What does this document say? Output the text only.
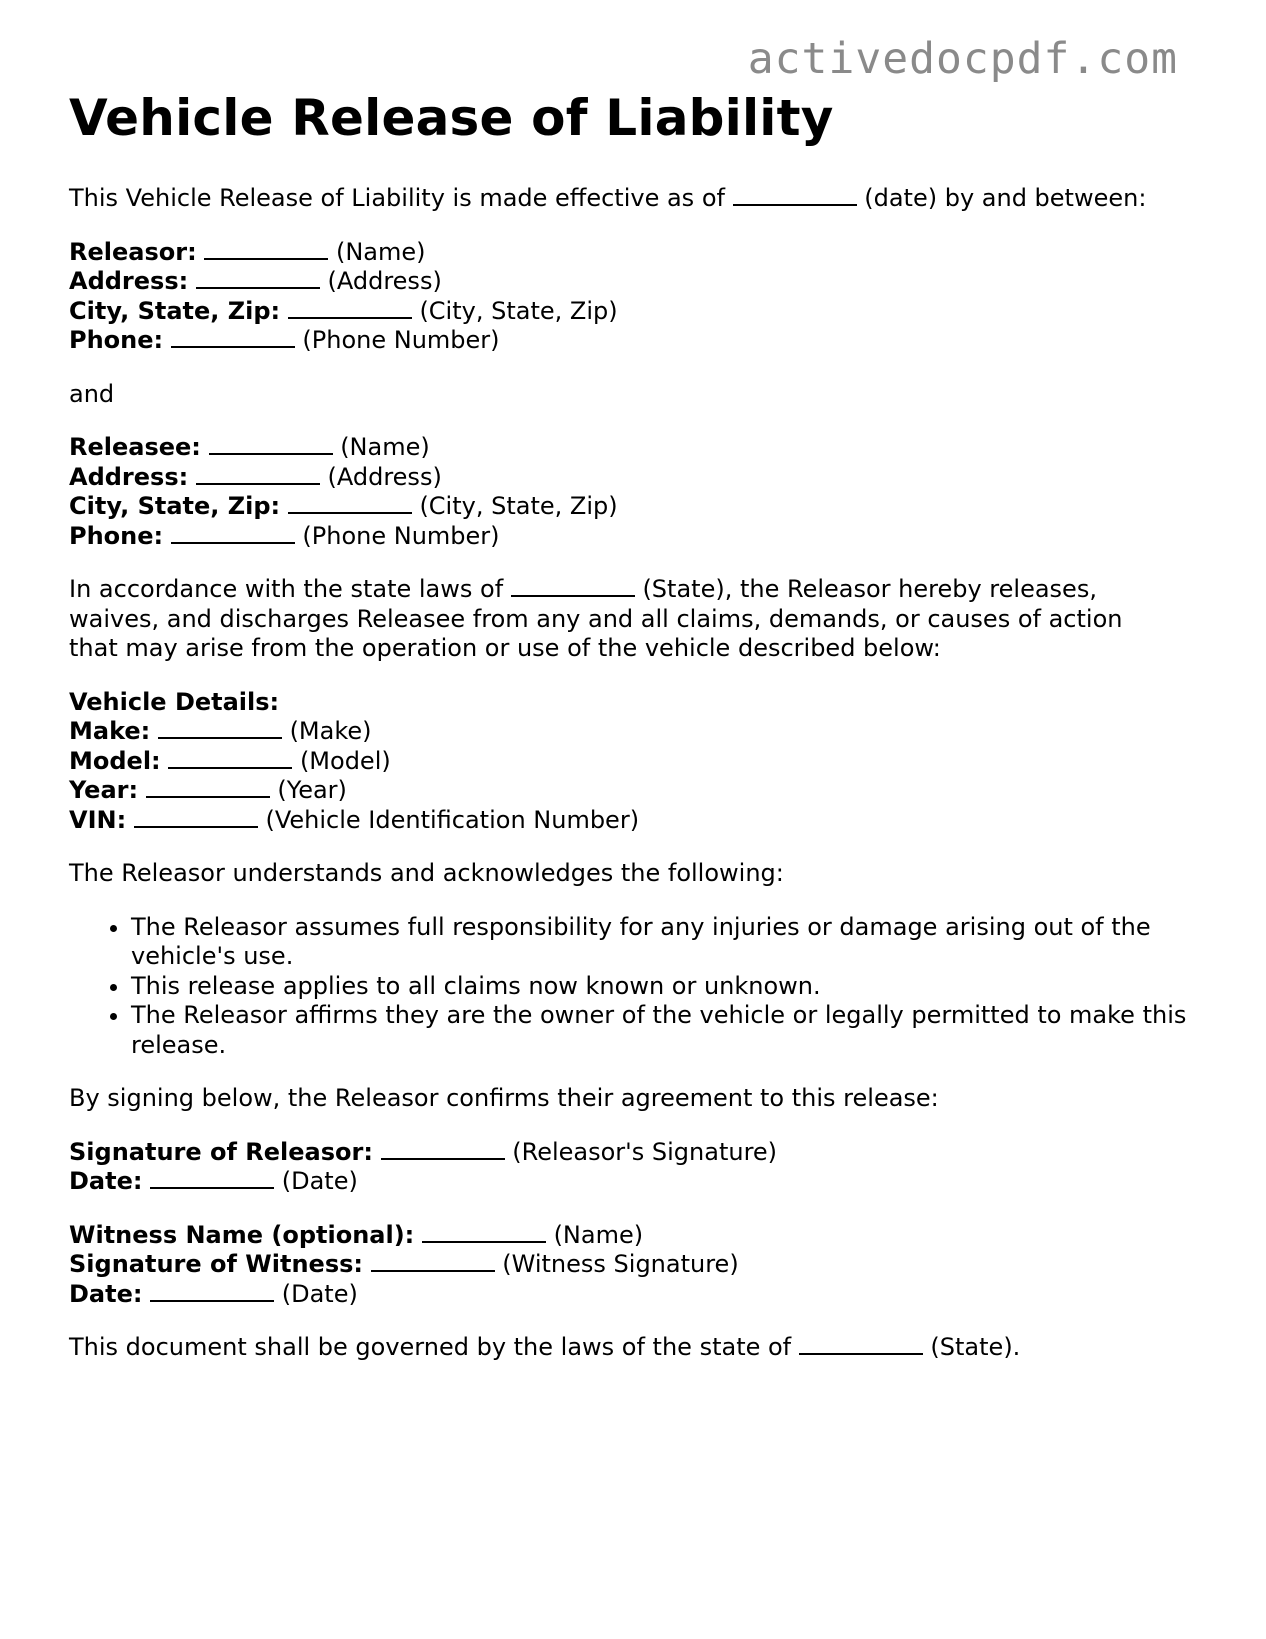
activedocpdf.com
Vehicle Release of Liability

This Vehicle Release of Liability is made effective as of	(date) by and between:

Releasor:	(Name)
Address:	(Address)
City, State, Zip:	(City, State, Zip)
Phone:	(Phone Number)

and

Releasee:	(Name)
Address:	(Address)
City, State, Zip:	(City, State, Zip)
Phone:	(Phone Number)
In accordance with the state laws of	(State), the Releasor hereby releases,
waives, and discharges Releasee from any and all claims, demands, or causes of action
that may arise from the operation or use of the vehicle described below:
Vehicle Details:
Make:	(Make)
Model:	(Model)
Year:	(Year)
VIN:	(Vehicle Identification Number)

The Releasor understands and acknowledges the following:

• The Releasor assumes full responsibility for any injuries or damage arising out of the vehicle's use.
• This release applies to all claims now known or unknown.
• The Releasor affirms they are the owner of the vehicle or legally permitted to make this release.

By signing below, the Releasor confirms their agreement to this release:

Signature of Releasor:	(Releasor's Signature)
Date:	(Date)
Witness Name (optional):	(Name)
Signature of Witness:	(Witness Signature)
Date:	(Date)

This document shall be governed by the laws of the state of	(State).
